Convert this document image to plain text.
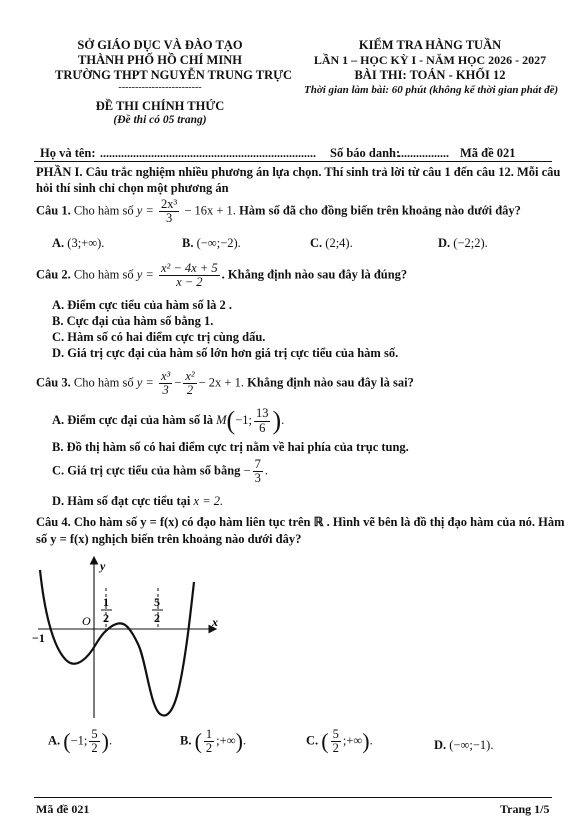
SỞ GIÁO DỤC VÀ ĐÀO TẠO
THÀNH PHỐ HỒ CHÍ MINH
TRƯỜNG THPT NGUYỄN TRUNG TRỰC
-------------------------
ĐỀ THI CHÍNH THỨC
(Đề thi có 05 trang)
KIỂM TRA HÀNG TUẦN
LẦN 1 – HỌC KỲ I - NĂM HỌC 2026 - 2027
BÀI THI: TOÁN - KHỐI 12
Thời gian làm bài: 60 phút (không kể thời gian phát đề)
Họ và tên: ........................................................................ Số báo danh:
................. Mã đề 021
PHẦN I. Câu trắc nghiệm nhiều phương án lựa chọn. Thí sinh trả lời từ câu 1 đến câu 12. Mỗi câu
hỏi thí sinh chỉ chọn một phương án
Câu 1. Cho hàm số $y = \frac{\text{2x³}}{3} - 16x + 1$. Hàm số đã cho đồng biến trên khoảng nào dưới đây?
A. (3;+∞).	B. (−∞;−2).	C. (2;4).	D. (−2;2).
Câu 2. Cho hàm số $y = \frac{\text{x² − 4x + 5}}{x - 2}$ . Khẳng định nào sau đây là đúng?
A. Điểm cực tiểu của hàm số là 2 .
B. Cực đại của hàm số bằng 1.
C. Hàm số có hai điểm cực trị cùng dấu.
D. Giá trị cực đại của hàm số lớn hơn giá trị cực tiểu của hàm số.
Câu 3. Cho hàm số $y = \frac{\text{x³}}{3} - \frac{\text{x²}}{2} - 2x + 1$. Khẳng định nào sau đây là sai?
A. Điểm cực đại của hàm số là M(−1; $\frac{13}{6}$ ).
B. Đồ thị hàm số có hai điểm cực trị nằm về hai phía của trục tung.
C. Giá trị cực tiểu của hàm số bằng − $\frac{7}{3}$ .
D. Hàm số đạt cực tiểu tại x = 2.
Câu 4. Cho hàm số y = f(x) có đạo hàm liên tục trên ℝ . Hình vẽ bên là đồ thị đạo hàm của nó. Hàm
số y = f(x) nghịch biến trên khoảng nào dưới đây?
y
x
O
−1
1
2
5
2
A. (−1; $\frac{5}{2}$ ).	B. ( $\frac{1}{2}$ ;+∞).	C. ( $\frac{5}{2}$ ;+∞).	D. (−∞;−1).
Mã đề 021	Trang 1/5
